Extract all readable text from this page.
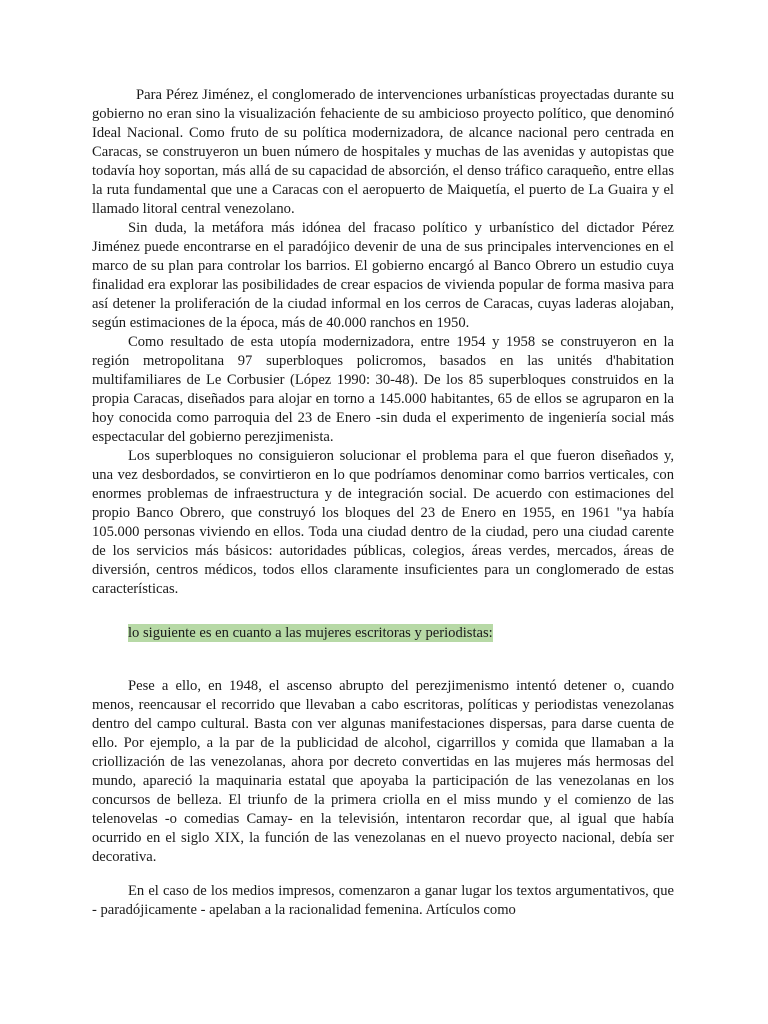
Para Pérez Jiménez, el conglomerado de intervenciones urbanísticas proyectadas durante su gobierno no eran sino la visualización fehaciente de su ambicioso proyecto político, que denominó Ideal Nacional. Como fruto de su política modernizadora, de alcance nacional pero centrada en Caracas, se construyeron un buen número de hospitales y muchas de las avenidas y autopistas que todavía hoy soportan, más allá de su capacidad de absorción, el denso tráfico caraqueño, entre ellas la ruta fundamental que une a Caracas con el aeropuerto de Maiquetía, el puerto de La Guaira y el llamado litoral central venezolano.

Sin duda, la metáfora más idónea del fracaso político y urbanístico del dictador Pérez Jiménez puede encontrarse en el paradójico devenir de una de sus principales intervenciones en el marco de su plan para controlar los barrios. El gobierno encargó al Banco Obrero un estudio cuya finalidad era explorar las posibilidades de crear espacios de vivienda popular de forma masiva para así detener la proliferación de la ciudad informal en los cerros de Caracas, cuyas laderas alojaban, según estimaciones de la época, más de 40.000 ranchos en 1950.

Como resultado de esta utopía modernizadora, entre 1954 y 1958 se construyeron en la región metropolitana 97 superbloques policromos, basados en las unités d'habitation multifamiliares de Le Corbusier (López 1990: 30-48). De los 85 superbloques construidos en la propia Caracas, diseñados para alojar en torno a 145.000 habitantes, 65 de ellos se agruparon en la hoy conocida como parroquia del 23 de Enero -sin duda el experimento de ingeniería social más espectacular del gobierno perezjimenista.

Los superbloques no consiguieron solucionar el problema para el que fueron diseñados y, una vez desbordados, se convirtieron en lo que podríamos denominar como barrios verticales, con enormes problemas de infraestructura y de integración social. De acuerdo con estimaciones del propio Banco Obrero, que construyó los bloques del 23 de Enero en 1955, en 1961 "ya había 105.000 personas viviendo en ellos. Toda una ciudad dentro de la ciudad, pero una ciudad carente de los servicios más básicos: autoridades públicas, colegios, áreas verdes, mercados, áreas de diversión, centros médicos, todos ellos claramente insuficientes para un conglomerado de estas características.

lo siguiente es en cuanto a las mujeres escritoras y periodistas:

Pese a ello, en 1948, el ascenso abrupto del perezjimenismo intentó detener o, cuando menos, reencausar el recorrido que llevaban a cabo escritoras, políticas y periodistas venezolanas dentro del campo cultural. Basta con ver algunas manifestaciones dispersas, para darse cuenta de ello. Por ejemplo, a la par de la publicidad de alcohol, cigarrillos y comida que llamaban a la criollización de las venezolanas, ahora por decreto convertidas en las mujeres más hermosas del mundo, apareció la maquinaria estatal que apoyaba la participación de las venezolanas en los concursos de belleza. El triunfo de la primera criolla en el miss mundo y el comienzo de las telenovelas -o comedias Camay- en la televisión, intentaron recordar que, al igual que había ocurrido en el siglo XIX, la función de las venezolanas en el nuevo proyecto nacional, debía ser decorativa.

En el caso de los medios impresos, comenzaron a ganar lugar los textos argumentativos, que - paradójicamente - apelaban a la racionalidad femenina. Artículos como
